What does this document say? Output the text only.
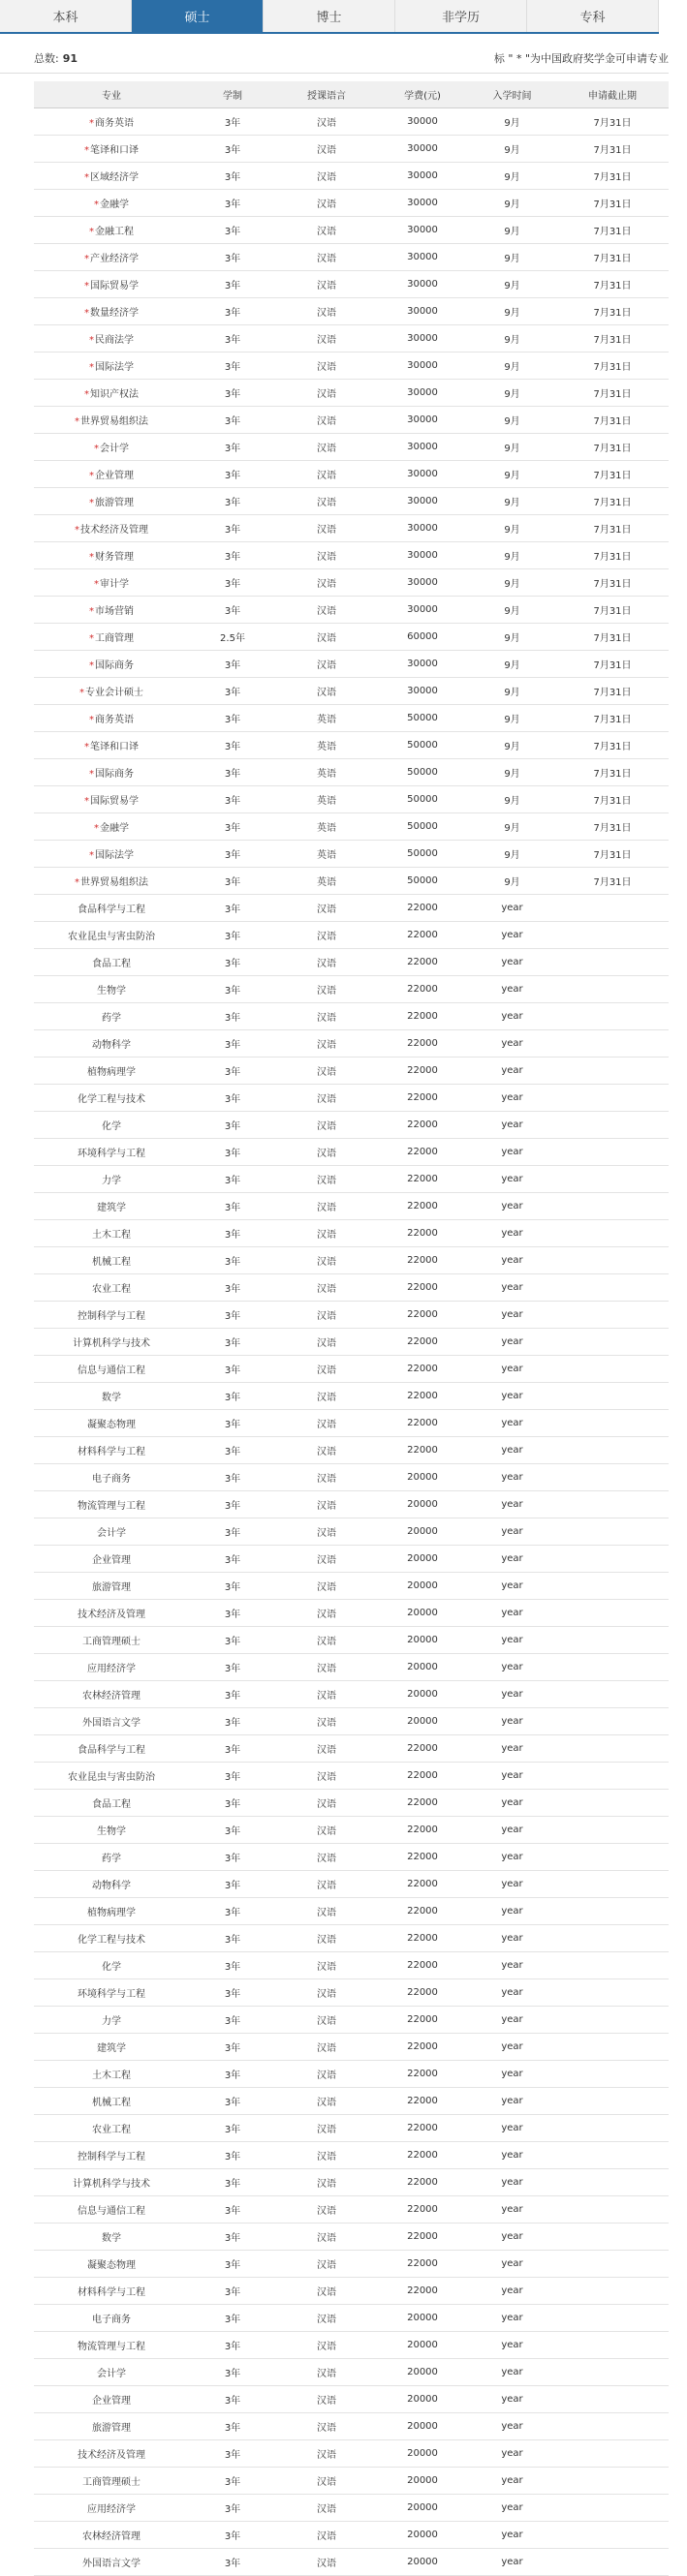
本科	硕士	博士	非学历	专科
总数: 91	标 " * "为中国政府奖学金可申请专业
专业	学制	授课语言	学费(元)	入学时间	申请截止期
*商务英语	3年	汉语	30000	9月	7月31日
*笔译和口译	3年	汉语	30000	9月	7月31日
*区域经济学	3年	汉语	30000	9月	7月31日
*金融学	3年	汉语	30000	9月	7月31日
*金融工程	3年	汉语	30000	9月	7月31日
*产业经济学	3年	汉语	30000	9月	7月31日
*国际贸易学	3年	汉语	30000	9月	7月31日
*数量经济学	3年	汉语	30000	9月	7月31日
*民商法学	3年	汉语	30000	9月	7月31日
*国际法学	3年	汉语	30000	9月	7月31日
*知识产权法	3年	汉语	30000	9月	7月31日
*世界贸易组织法	3年	汉语	30000	9月	7月31日
*会计学	3年	汉语	30000	9月	7月31日
*企业管理	3年	汉语	30000	9月	7月31日
*旅游管理	3年	汉语	30000	9月	7月31日
*技术经济及管理	3年	汉语	30000	9月	7月31日
*财务管理	3年	汉语	30000	9月	7月31日
*审计学	3年	汉语	30000	9月	7月31日
*市场营销	3年	汉语	30000	9月	7月31日
*工商管理	2.5年	汉语	60000	9月	7月31日
*国际商务	3年	汉语	30000	9月	7月31日
*专业会计硕士	3年	汉语	30000	9月	7月31日
*商务英语	3年	英语	50000	9月	7月31日
*笔译和口译	3年	英语	50000	9月	7月31日
*国际商务	3年	英语	50000	9月	7月31日
*国际贸易学	3年	英语	50000	9月	7月31日
*金融学	3年	英语	50000	9月	7月31日
*国际法学	3年	英语	50000	9月	7月31日
*世界贸易组织法	3年	英语	50000	9月	7月31日
食品科学与工程	3年	汉语	22000	year
农业昆虫与害虫防治	3年	汉语	22000	year
食品工程	3年	汉语	22000	year
生物学	3年	汉语	22000	year
药学	3年	汉语	22000	year
动物科学	3年	汉语	22000	year
植物病理学	3年	汉语	22000	year
化学工程与技术	3年	汉语	22000	year
化学	3年	汉语	22000	year
环境科学与工程	3年	汉语	22000	year
力学	3年	汉语	22000	year
建筑学	3年	汉语	22000	year
土木工程	3年	汉语	22000	year
机械工程	3年	汉语	22000	year
农业工程	3年	汉语	22000	year
控制科学与工程	3年	汉语	22000	year
计算机科学与技术	3年	汉语	22000	year
信息与通信工程	3年	汉语	22000	year
数学	3年	汉语	22000	year
凝聚态物理	3年	汉语	22000	year
材料科学与工程	3年	汉语	22000	year
电子商务	3年	汉语	20000	year
物流管理与工程	3年	汉语	20000	year
会计学	3年	汉语	20000	year
企业管理	3年	汉语	20000	year
旅游管理	3年	汉语	20000	year
技术经济及管理	3年	汉语	20000	year
工商管理硕士	3年	汉语	20000	year
应用经济学	3年	汉语	20000	year
农林经济管理	3年	汉语	20000	year
外国语言文学	3年	汉语	20000	year
食品科学与工程	3年	汉语	22000	year
农业昆虫与害虫防治	3年	汉语	22000	year
食品工程	3年	汉语	22000	year
生物学	3年	汉语	22000	year
药学	3年	汉语	22000	year
动物科学	3年	汉语	22000	year
植物病理学	3年	汉语	22000	year
化学工程与技术	3年	汉语	22000	year
化学	3年	汉语	22000	year
环境科学与工程	3年	汉语	22000	year
力学	3年	汉语	22000	year
建筑学	3年	汉语	22000	year
土木工程	3年	汉语	22000	year
机械工程	3年	汉语	22000	year
农业工程	3年	汉语	22000	year
控制科学与工程	3年	汉语	22000	year
计算机科学与技术	3年	汉语	22000	year
信息与通信工程	3年	汉语	22000	year
数学	3年	汉语	22000	year
凝聚态物理	3年	汉语	22000	year
材料科学与工程	3年	汉语	22000	year
电子商务	3年	汉语	20000	year
物流管理与工程	3年	汉语	20000	year
会计学	3年	汉语	20000	year
企业管理	3年	汉语	20000	year
旅游管理	3年	汉语	20000	year
技术经济及管理	3年	汉语	20000	year
工商管理硕士	3年	汉语	20000	year
应用经济学	3年	汉语	20000	year
农林经济管理	3年	汉语	20000	year
外国语言文学	3年	汉语	20000	year
